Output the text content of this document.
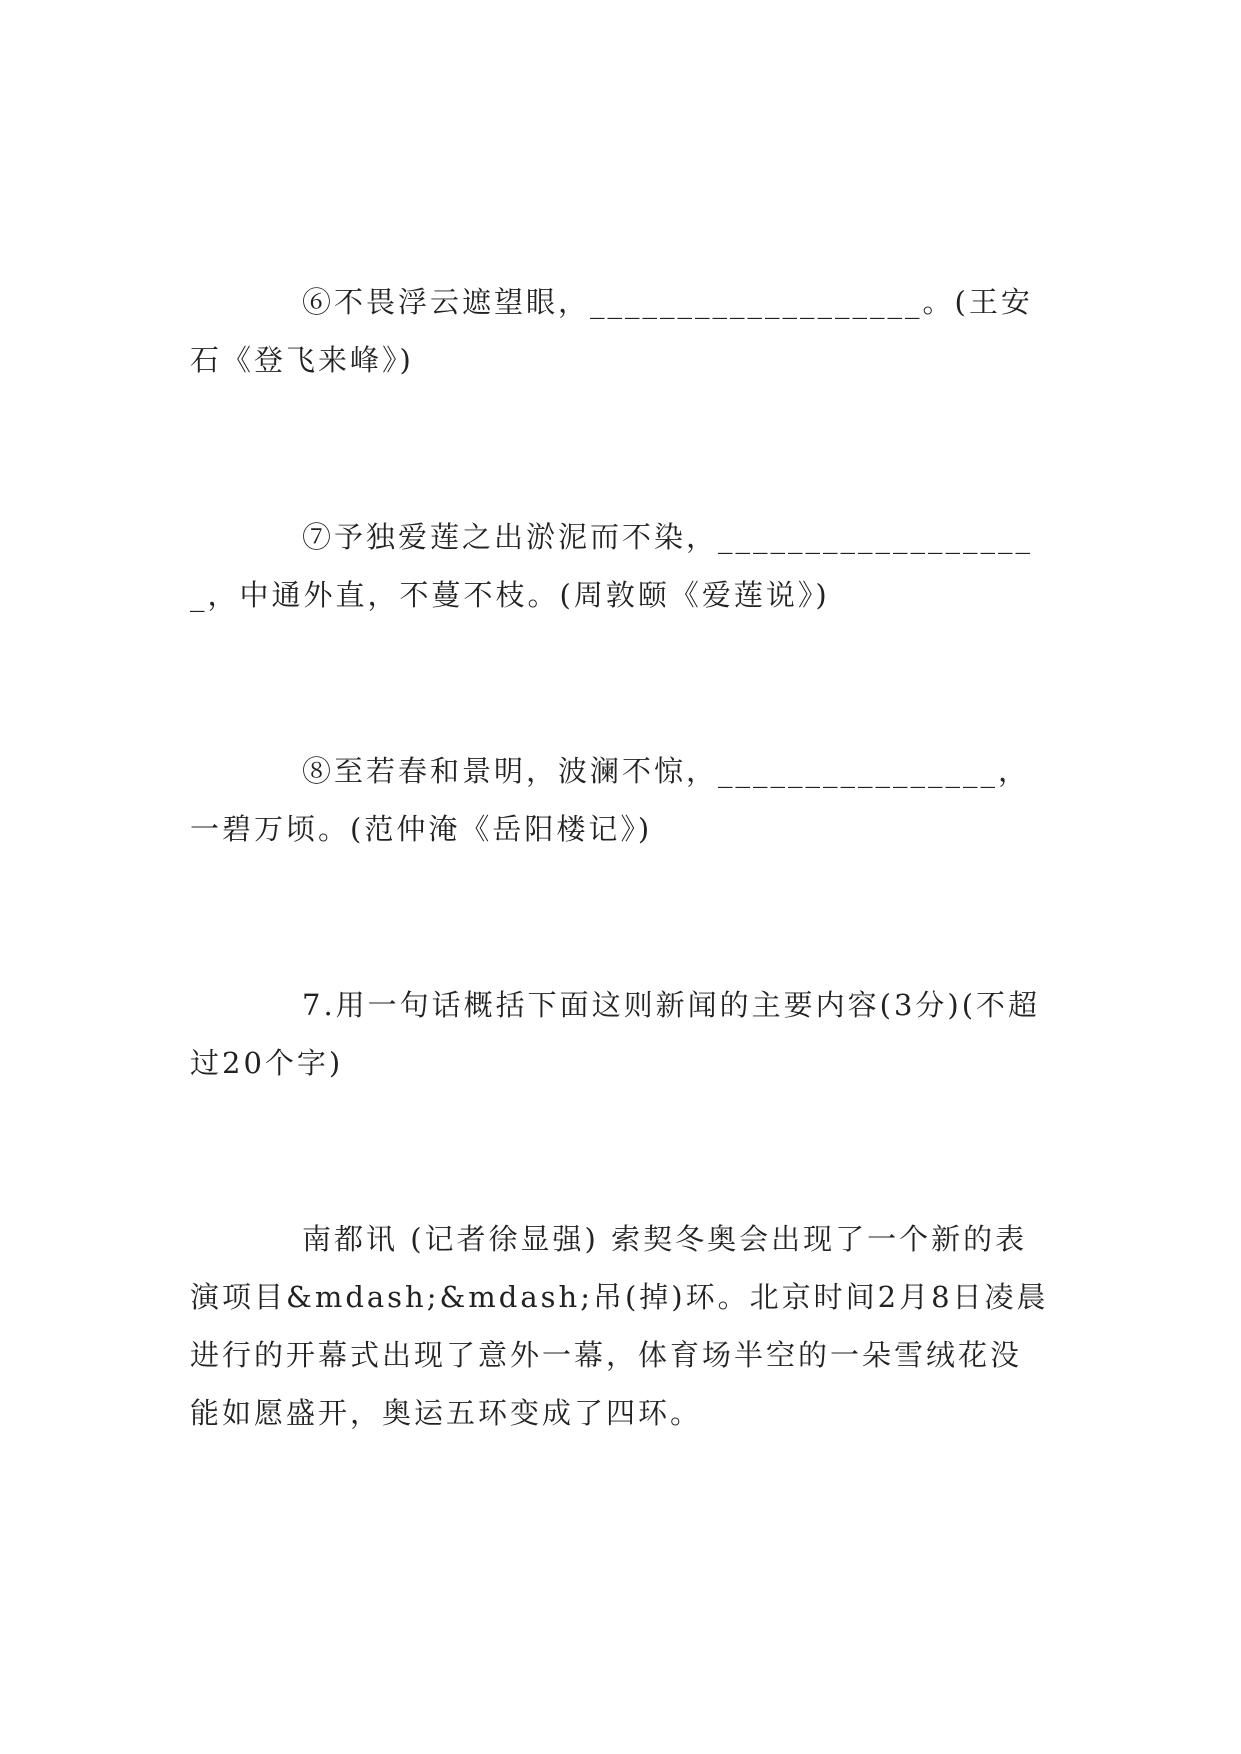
⑥不畏浮云遮望眼，___________________。(王安石《登飞来峰》)

⑦予独爱莲之出淤泥而不染，___________________，中通外直，不蔓不枝。(周敦颐《爱莲说》)

⑧至若春和景明，波澜不惊，________________，一碧万顷。(范仲淹《岳阳楼记》)

7.用一句话概括下面这则新闻的主要内容(3分)(不超过20个字)

南都讯 (记者徐显强) 索契冬奥会出现了一个新的表演项目&mdash;&mdash;吊(掉)环。北京时间2月8日凌晨进行的开幕式出现了意外一幕，体育场半空的一朵雪绒花没能如愿盛开，奥运五环变成了四环。
